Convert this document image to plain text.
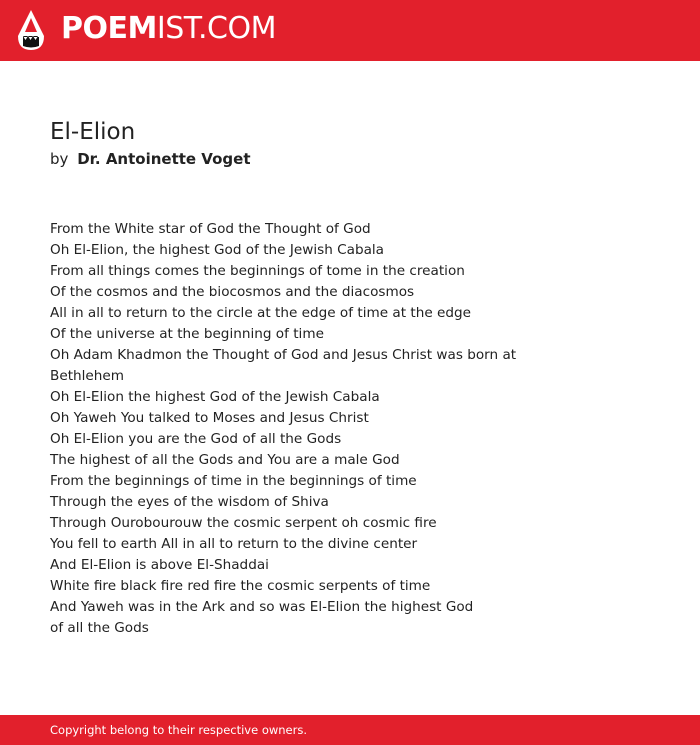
POEMIST.COM
El-Elion
by Dr. Antoinette Voget
From the White star of God the Thought of God
Oh El-Elion, the highest God of the Jewish Cabala
From all things comes the beginnings of tome in the creation
Of the cosmos and the biocosmos and the diacosmos
All in all to return to the circle at the edge of time at the edge
Of the universe at the beginning of time
Oh Adam Khadmon the Thought of God and Jesus Christ was born at
Bethlehem
Oh El-Elion the highest God of the Jewish Cabala
Oh Yaweh You talked to Moses and Jesus Christ
Oh El-Elion you are the God of all the Gods
The highest of all the Gods and You are a male God
From the beginnings of time in the beginnings of time
Through the eyes of the wisdom of Shiva
Through Ourobourouw the cosmic serpent oh cosmic fire
You fell to earth All in all to return to the divine center
And El-Elion is above El-Shaddai
White fire black fire red fire the cosmic serpents of time
And Yaweh was in the Ark and so was El-Elion the highest God
of all the Gods
Copyright belong to their respective owners.
